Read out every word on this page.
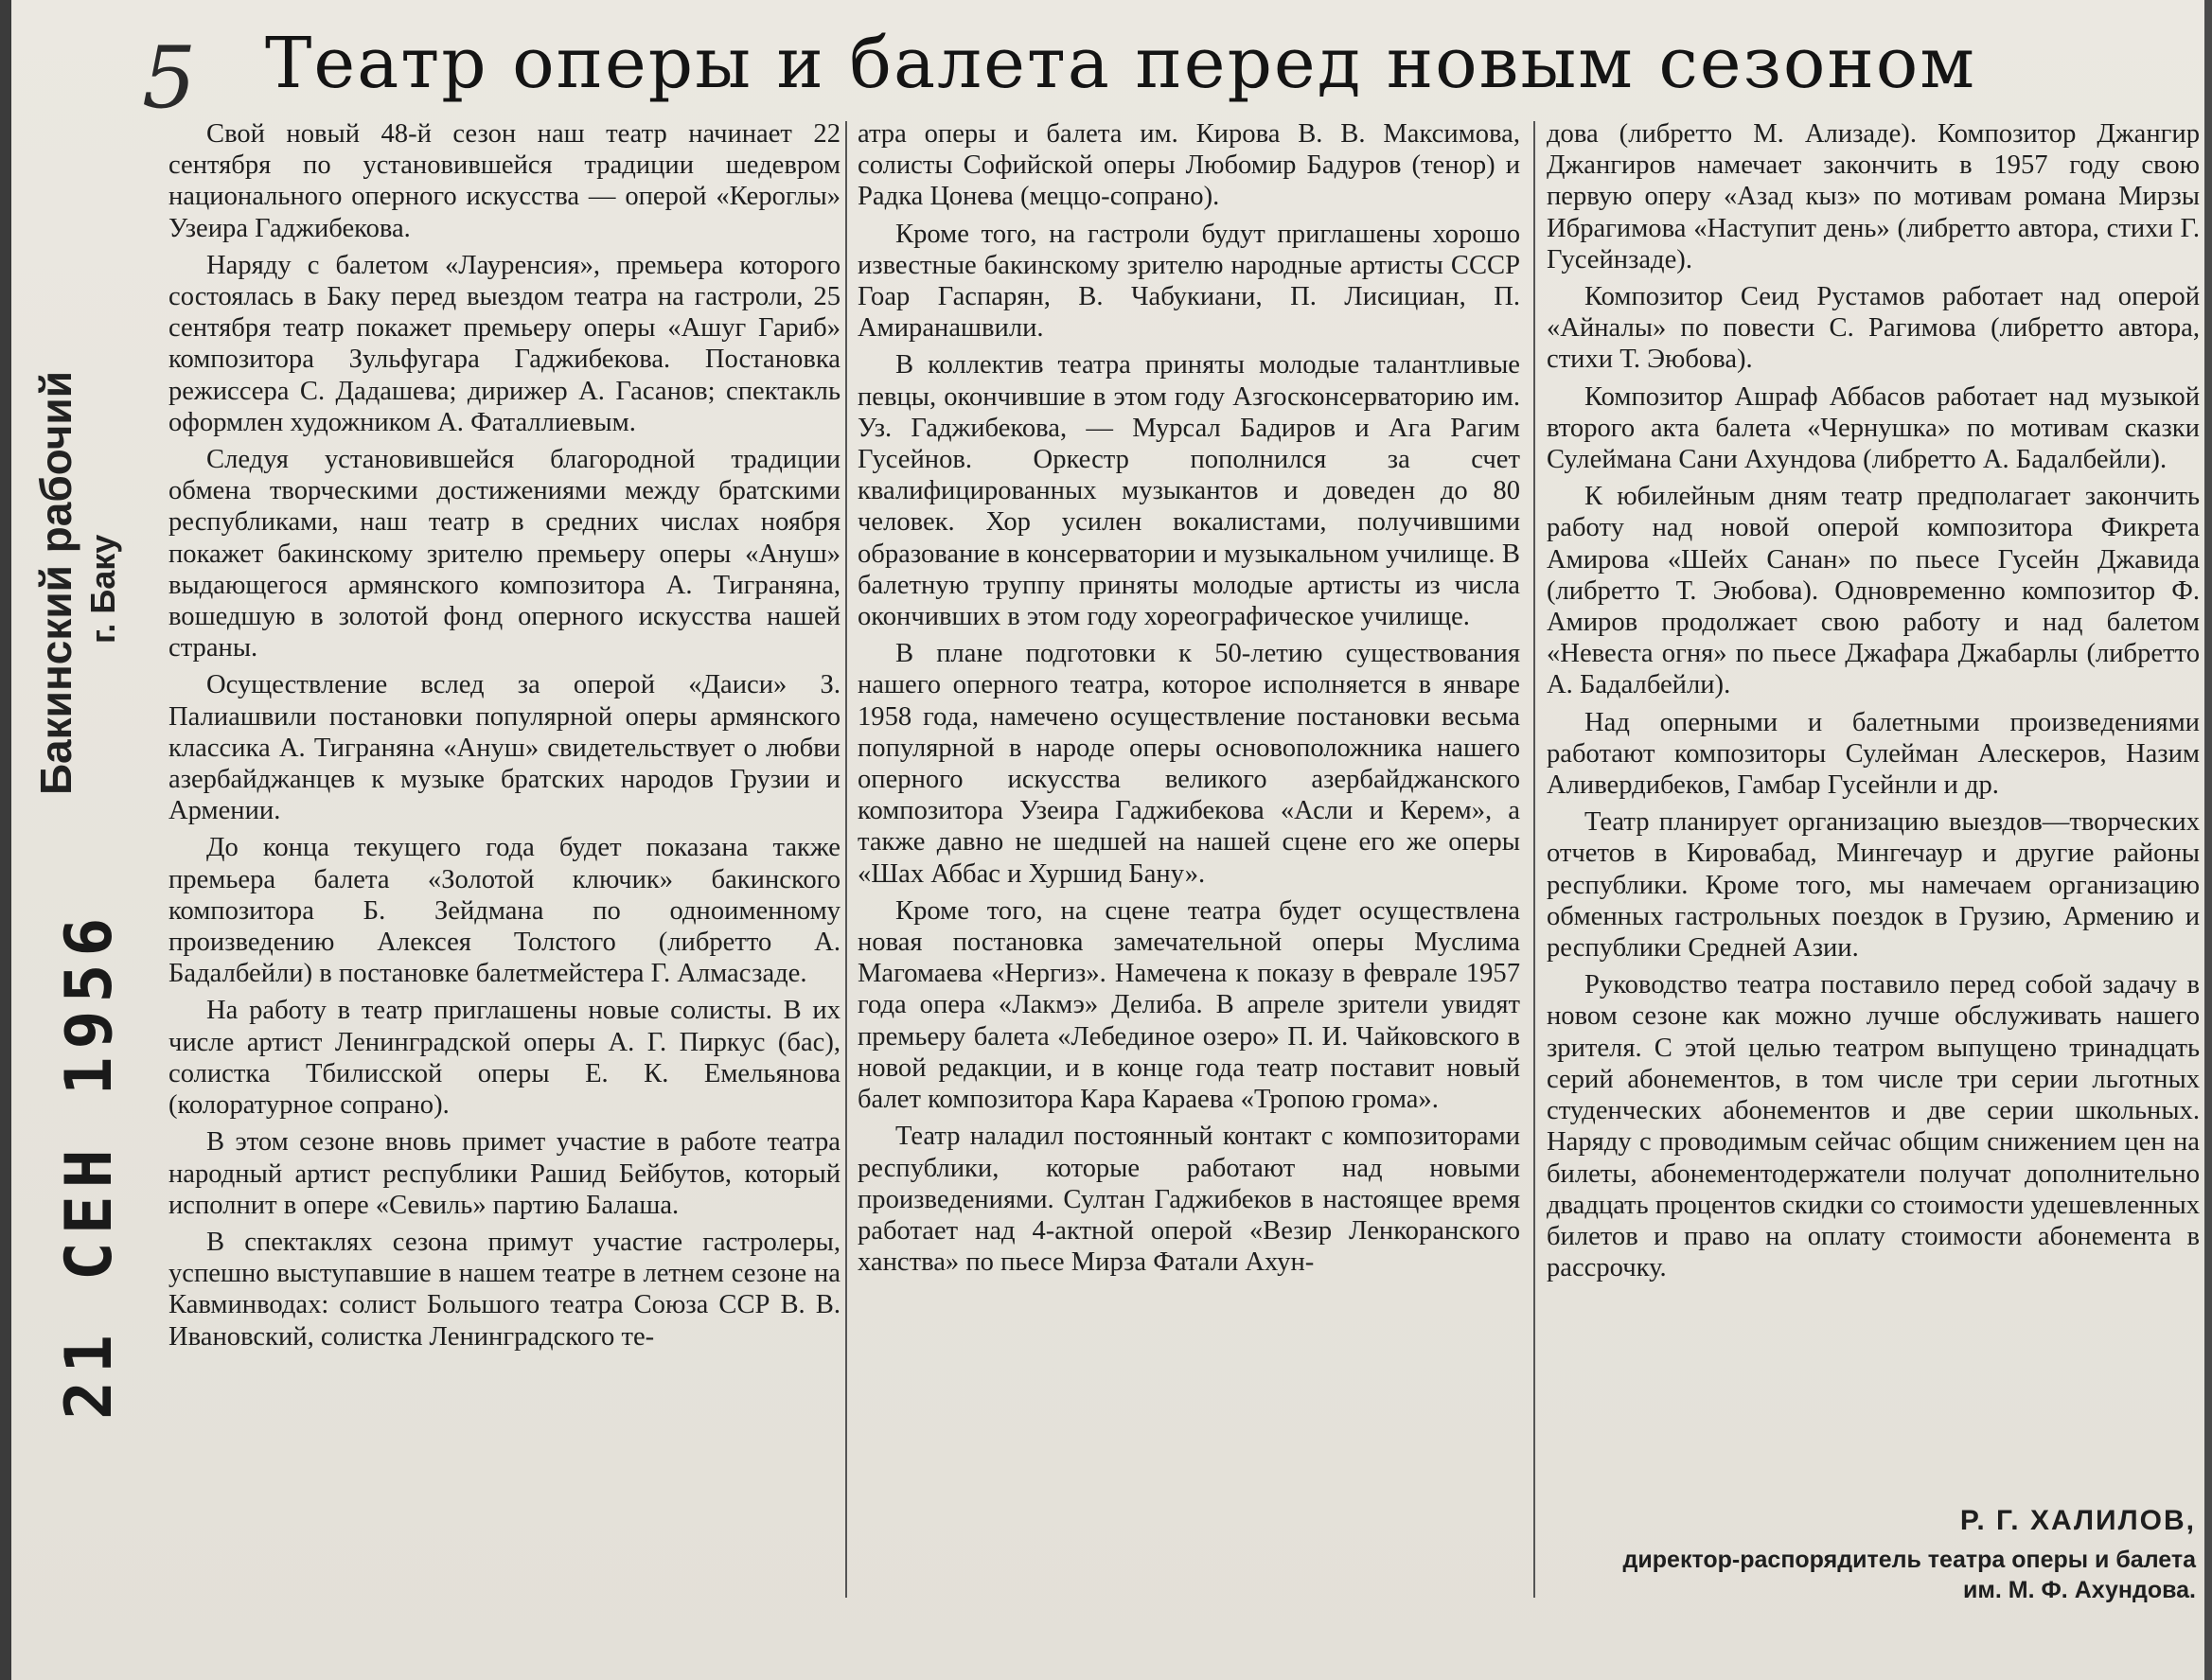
5 Театр оперы и балета перед новым сезоном
Бакинский рабочий г. Баку
21 СЕН 1956

Свой новый 48-й сезон наш театр начинает 22 сентября по установившейся традиции шедевром национального оперного искусства — оперой «Кероглы» Узеира Гаджибекова.

Наряду с балетом «Лауренсия», премьера которого состоялась в Баку перед выездом театра на гастроли, 25 сентября театр покажет премьеру оперы «Ашуг Гариб» композитора Зульфугара Гаджибекова. Постановка режиссера С. Дадашева; дирижер А. Гасанов; спектакль оформлен художником А. Фаталлиевым.

Следуя установившейся благородной традиции обмена творческими достижениями между братскими республиками, наш театр в средних числах ноября покажет бакинскому зрителю премьеру оперы «Ануш» выдающегося армянского композитора А. Тиграняна, вошедшую в золотой фонд оперного искусства нашей страны.

Осуществление вслед за оперой «Даиси» З. Палиашвили постановки популярной оперы армянского классика А. Тиграняна «Ануш» свидетельствует о любви азербайджанцев к музыке братских народов Грузии и Армении.

До конца текущего года будет показана также премьера балета «Золотой ключик» бакинского композитора Б. Зейдмана по одноименному произведению Алексея Толстого (либретто А. Бадалбейли) в постановке балетмейстера Г. Алмасзаде.

На работу в театр приглашены новые солисты. В их числе артист Ленинградской оперы А. Г. Пиркус (бас), солистка Тбилисской оперы Е. К. Емельянова (колоратурное сопрано).

В этом сезоне вновь примет участие в работе театра народный артист республики Рашид Бейбутов, который исполнит в опере «Севиль» партию Балаша.

В спектаклях сезона примут участие гастролеры, успешно выступавшие в нашем театре в летнем сезоне на Кавминводах: солист Большого театра Союза ССР В. В. Ивановский, солистка Ленинградского те-

атра оперы и балета им. Кирова В. В. Максимова, солисты Софийской оперы Любомир Бадуров (тенор) и Радка Цонева (меццо-сопрано).

Кроме того, на гастроли будут приглашены хорошо известные бакинскому зрителю народные артисты СССР Гоар Гаспарян, В. Чабукиани, П. Лисициан, П. Амиранашвили.

В коллектив театра приняты молодые талантливые певцы, окончившие в этом году Азгосконсерваторию им. Уз. Гаджибекова, — Мурсал Бадиров и Ага Рагим Гусейнов. Оркестр пополнился за счет квалифицированных музыкантов и доведен до 80 человек. Хор усилен вокалистами, получившими образование в консерватории и музыкальном училище. В балетную труппу приняты молодые артисты из числа окончивших в этом году хореографическое училище.

В плане подготовки к 50-летию существования нашего оперного театра, которое исполняется в январе 1958 года, намечено осуществление постановки весьма популярной в народе оперы основоположника нашего оперного искусства великого азербайджанского композитора Узеира Гаджибекова «Асли и Керем», а также давно не шедшей на нашей сцене его же оперы «Шах Аббас и Хуршид Бану».

Кроме того, на сцене театра будет осуществлена новая постановка замечательной оперы Муслима Магомаева «Нергиз». Намечена к показу в феврале 1957 года опера «Лакмэ» Делиба. В апреле зрители увидят премьеру балета «Лебединое озеро» П. И. Чайковского в новой редакции, и в конце года театр поставит новый балет композитора Кара Караева «Тропою грома».

Театр наладил постоянный контакт с композиторами республики, которые работают над новыми произведениями. Султан Гаджибеков в настоящее время работает над 4-актной оперой «Везир Ленкоранского ханства» по пьесе Мирза Фатали Ахун-

дова (либретто М. Ализаде). Композитор Джангир Джангиров намечает закончить в 1957 году свою первую оперу «Азад кыз» по мотивам романа Мирзы Ибрагимова «Наступит день» (либретто автора, стихи Г. Гусейнзаде).

Композитор Сеид Рустамов работает над оперой «Айналы» по повести С. Рагимова (либретто автора, стихи Т. Эюбова).

Композитор Ашраф Аббасов работает над музыкой второго акта балета «Чернушка» по мотивам сказки Сулеймана Сани Ахундова (либретто А. Бадалбейли).

К юбилейным дням театр предполагает закончить работу над новой оперой композитора Фикрета Амирова «Шейх Санан» по пьесе Гусейн Джавида (либретто Т. Эюбова). Одновременно композитор Ф. Амиров продолжает свою работу и над балетом «Невеста огня» по пьесе Джафара Джабарлы (либретто А. Бадалбейли).

Над оперными и балетными произведениями работают композиторы Сулейман Алескеров, Назим Аливердибеков, Гамбар Гусейнли и др.

Театр планирует организацию выездов—творческих отчетов в Кировабад, Мингечаур и другие районы республики. Кроме того, мы намечаем организацию обменных гастрольных поездок в Грузию, Армению и республики Средней Азии.

Руководство театра поставило перед собой задачу в новом сезоне как можно лучше обслуживать нашего зрителя. С этой целью театром выпущено тринадцать серий абонементов, в том числе три серии льготных студенческих абонементов и две серии школьных. Наряду с проводимым сейчас общим снижением цен на билеты, абонементодержатели получат дополнительно двадцать процентов скидки со стоимости удешевленных билетов и право на оплату стоимости абонемента в рассрочку.

Р. Г. ХАЛИЛОВ,
директор-распорядитель театра оперы и балета им. М. Ф. Ахундова.
